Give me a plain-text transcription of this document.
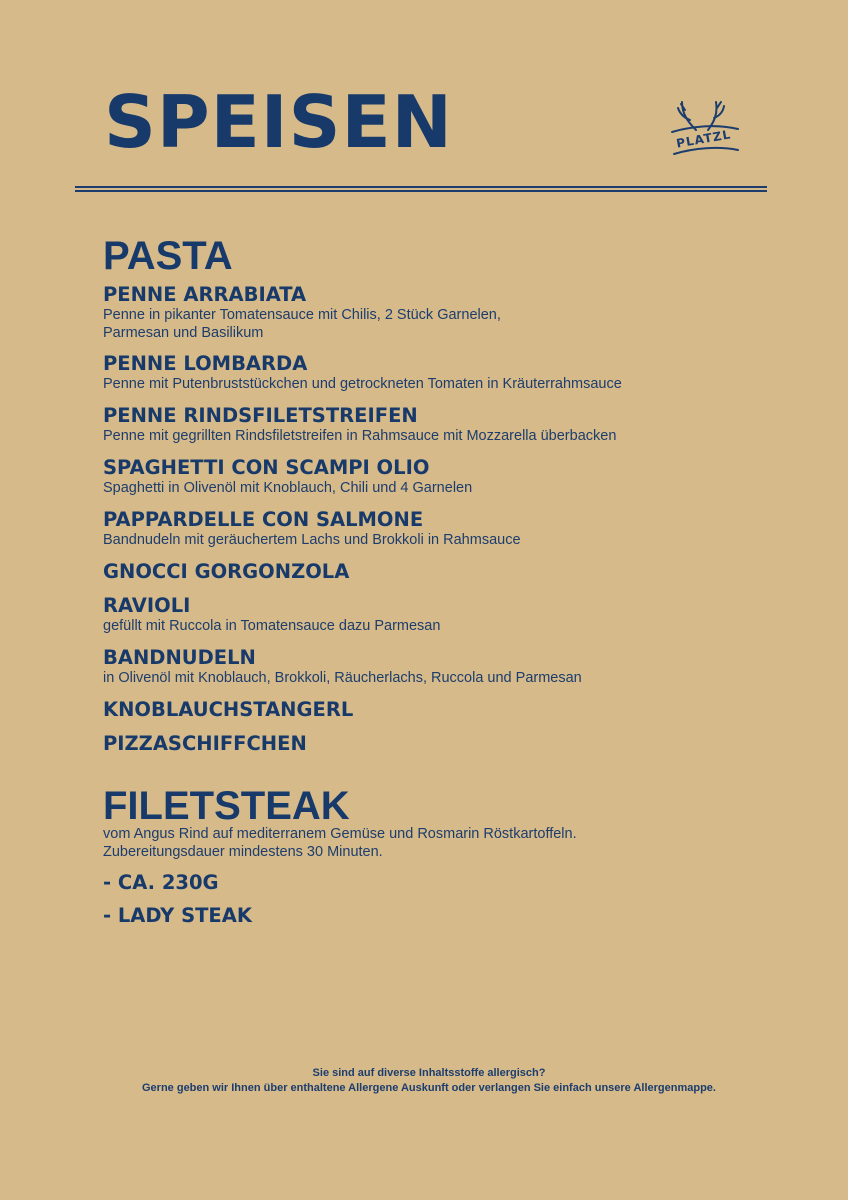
SPEISEN	PLATZL
PASTA
PENNE ARRABIATA
Penne in pikanter Tomatensauce mit Chilis, 2 Stück Garnelen,
Parmesan und Basilikum
PENNE LOMBARDA
Penne mit Putenbruststückchen und getrockneten Tomaten in Kräuterrahmsauce
PENNE RINDSFILETSTREIFEN
Penne mit gegrillten Rindsfiletstreifen in Rahmsauce mit Mozzarella überbacken
SPAGHETTI CON SCAMPI OLIO
Spaghetti in Olivenöl mit Knoblauch, Chili und 4 Garnelen
PAPPARDELLE CON SALMONE
Bandnudeln mit geräuchertem Lachs und Brokkoli in Rahmsauce
GNOCCI GORGONZOLA
RAVIOLI
gefüllt mit Ruccola in Tomatensauce dazu Parmesan
BANDNUDELN
in Olivenöl mit Knoblauch, Brokkoli, Räucherlachs, Ruccola und Parmesan
KNOBLAUCHSTANGERL
PIZZASCHIFFCHEN
FILETSTEAK
vom Angus Rind auf mediterranem Gemüse und Rosmarin Röstkartoffeln.
Zubereitungsdauer mindestens 30 Minuten.
- CA. 230G
- LADY STEAK
Sie sind auf diverse Inhaltsstoffe allergisch?
Gerne geben wir Ihnen über enthaltene Allergene Auskunft oder verlangen Sie einfach unsere Allergenmappe.
